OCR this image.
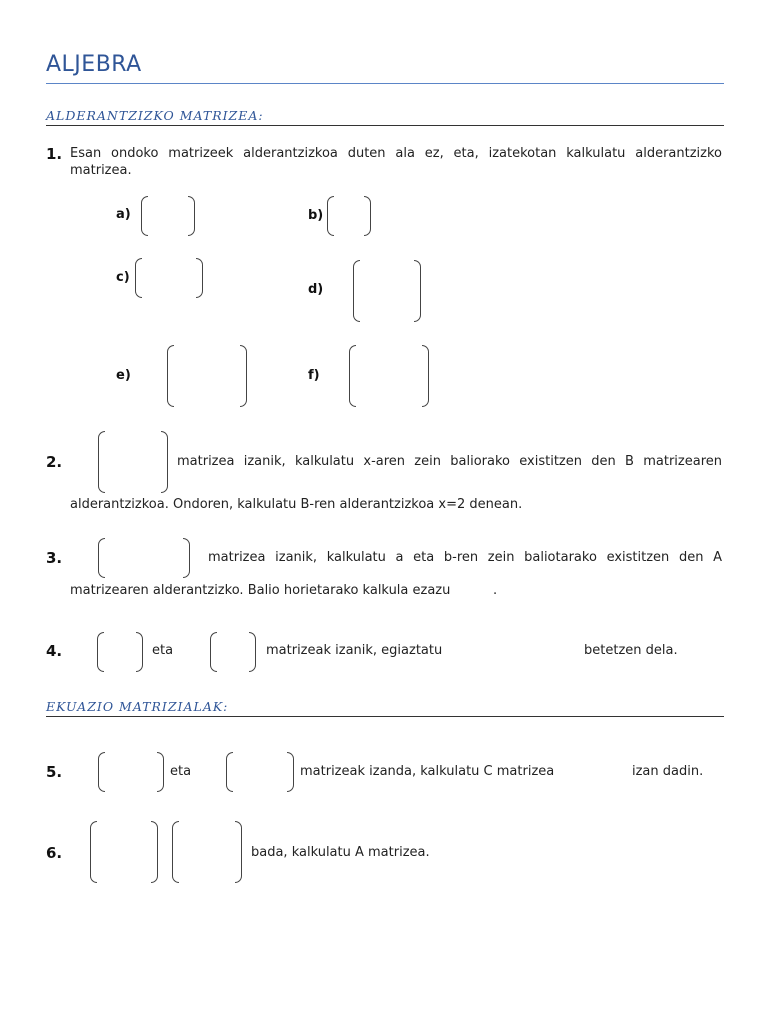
ALJEBRA
ALDERANTZIZKO MATRIZEA:
1. Esan ondoko matrizeek alderantzizkoa duten ala ez, eta, izatekotan kalkulatu alderantzizko
matrizea.
a)	b)
c)
d)
e)	f)
2.	matrizea izanik, kalkulatu x-aren zein baliorako existitzen den B matrizearen
alderantzizkoa. Ondoren, kalkulatu B-ren alderantzizkoa x=2 denean.
3.	matrizea izanik, kalkulatu a eta b-ren zein baliotarako existitzen den A
matrizearen alderantzizko. Balio horietarako kalkula ezazu	.
4.	eta	matrizeak izanik, egiaztatu	betetzen dela.
EKUAZIO MATRIZIALAK:
5.	eta	matrizeak izanda, kalkulatu C matrizea	izan dadin.
6.	bada, kalkulatu A matrizea.
